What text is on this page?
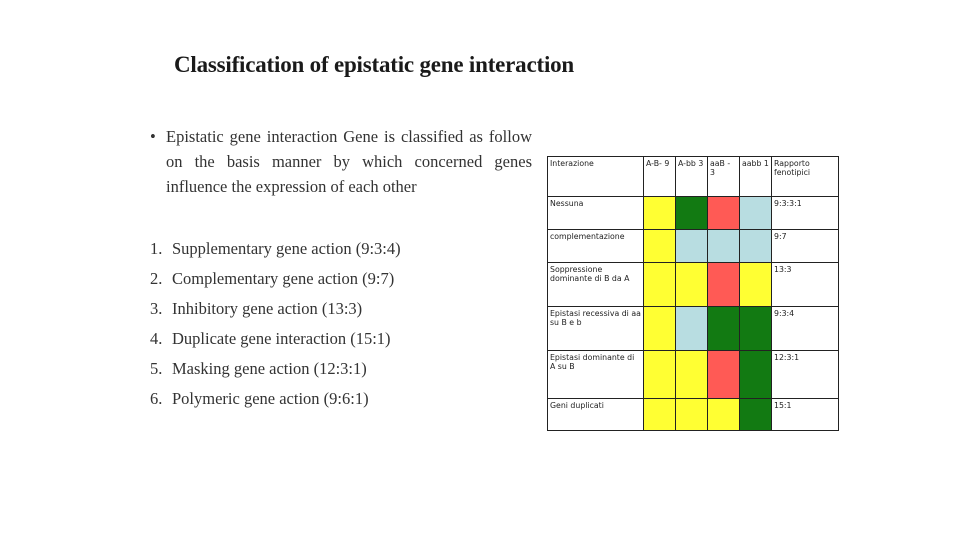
Classification of epistatic gene interaction
• Epistatic gene interaction Gene is classified as follow on the basis manner by which concerned genes influence the expression of each other
1. Supplementary gene action (9:3:4)
2. Complementary gene action (9:7)
3. Inhibitory gene action (13:3)
4. Duplicate gene interaction (15:1)
5. Masking gene action (12:3:1)
6. Polymeric gene action (9:6:1)
Interazione	A-B- 9	A-bb 3	aaB - 3	aabb 1	Rapporto fenotipici
Nessuna					9:3:3:1
complementazione					9:7
Soppressione dominante di B da A					13:3
Epistasi recessiva di aa su B e b					9:3:4
Epistasi dominante di A su B					12:3:1
Geni duplicati					15:1
